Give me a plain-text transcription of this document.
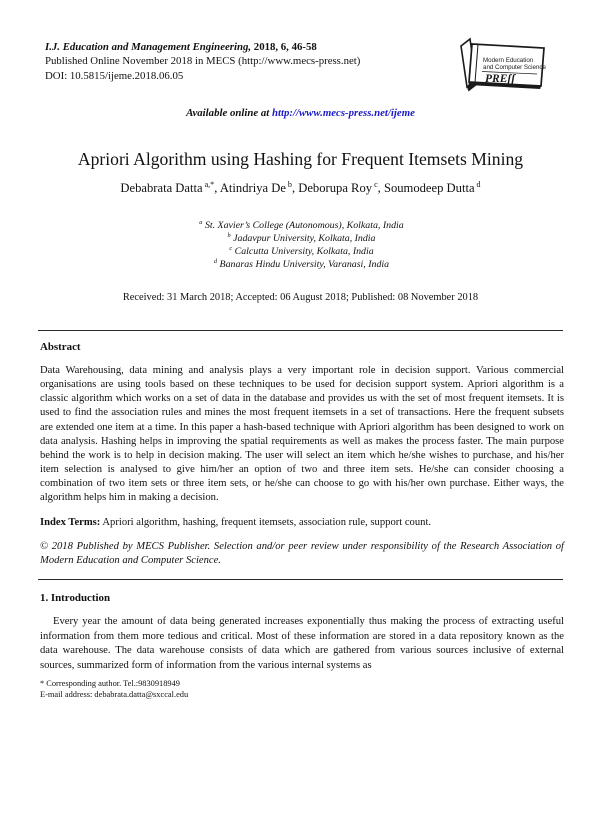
I.J. Education and Management Engineering, 2018, 6, 46-58
Published Online November 2018 in MECS (http://www.mecs-press.net)
DOI: 10.5815/ijeme.2018.06.05
Modern Education
and Computer Science
PREſſ
Available online at http://www.mecs-press.net/ijeme
Apriori Algorithm using Hashing for Frequent Itemsets Mining
Debabrata Datta $^{a,*}$, Atindriya De $^b$, Deborupa Roy $^c$, Soumodeep Dutta $^d$
$^a$ St. Xavier’s College (Autonomous), Kolkata, India
$^b$ Jadavpur University, Kolkata, India
$^c$ Calcutta University, Kolkata, India
$^d$ Banaras Hindu University, Varanasi, India
Received: 31 March 2018; Accepted: 06 August 2018; Published: 08 November 2018
Abstract

Data Warehousing, data mining and analysis plays a very important role in decision support. Various commercial organisations are using tools based on these techniques to be used for decision support system. Apriori algorithm is a classic algorithm which works on a set of data in the database and provides us with the set of most frequent itemsets. It is used to find the association rules and mines the most frequent itemsets in a set of transactions. Here the frequent subsets are extended one item at a time. In this paper a hash-based technique with Apriori algorithm has been designed to work on data analysis. Hashing helps in improving the spatial requirements as well as makes the process faster. The main purpose behind the work is to help in decision making. The user will select an item which he/she wishes to purchase, and his/her item selection is analysed to give him/her an option of two and three item sets. He/she can consider choosing a combination of two item sets or three item sets, or he/she can choose to go with his/her own purchase. Either ways, the algorithm helps him in making a decision.

Index Terms: Apriori algorithm, hashing, frequent itemsets, association rule, support count.

© 2018 Published by MECS Publisher. Selection and/or peer review under responsibility of the Research Association of Modern Education and Computer Science.

1. Introduction

Every year the amount of data being generated increases exponentially thus making the process of extracting useful information from them more tedious and critical. Most of these information are stored in a data repository known as the data warehouse. The data warehouse consists of data which are gathered from various sources inclusive of external sources, summarized form of information from the various internal systems as

* Corresponding author. Tel.:9830918949
E-mail address: debabrata.datta@sxccal.edu
